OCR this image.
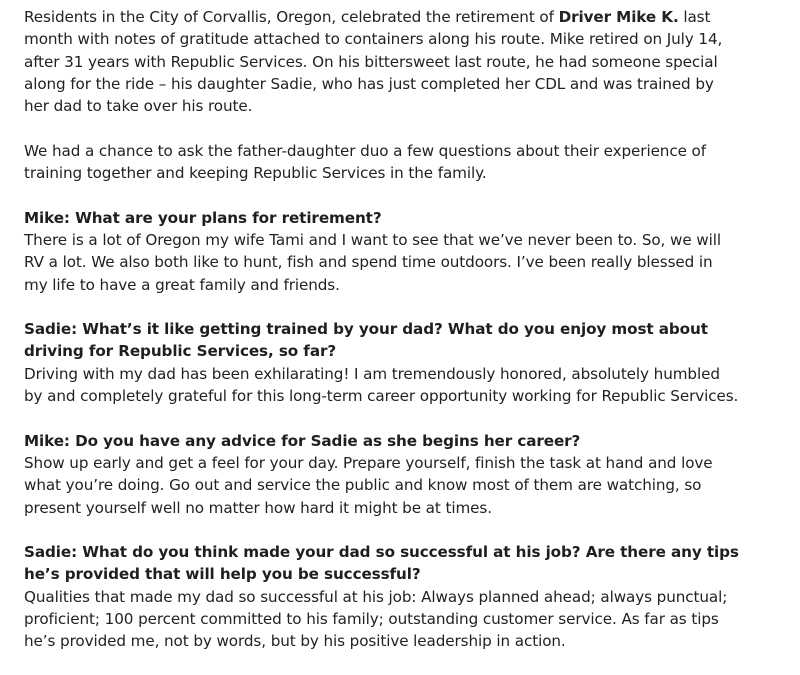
Residents in the City of Corvallis, Oregon, celebrated the retirement of Driver Mike K. last month with notes of gratitude attached to containers along his route. Mike retired on July 14, after 31 years with Republic Services. On his bittersweet last route, he had someone special along for the ride – his daughter Sadie, who has just completed her CDL and was trained by her dad to take over his route.

We had a chance to ask the father-daughter duo a few questions about their experience of training together and keeping Republic Services in the family.

Mike: What are your plans for retirement?
There is a lot of Oregon my wife Tami and I want to see that we’ve never been to. So, we will RV a lot. We also both like to hunt, fish and spend time outdoors. I’ve been really blessed in my life to have a great family and friends.
Sadie: What’s it like getting trained by your dad? What do you enjoy most about driving for Republic Services, so far?
Driving with my dad has been exhilarating! I am tremendously honored, absolutely humbled by and completely grateful for this long-term career opportunity working for Republic Services.
Mike: Do you have any advice for Sadie as she begins her career?
Show up early and get a feel for your day. Prepare yourself, finish the task at hand and love what you’re doing. Go out and service the public and know most of them are watching, so present yourself well no matter how hard it might be at times.
Sadie: What do you think made your dad so successful at his job? Are there any tips he’s provided that will help you be successful?
Qualities that made my dad so successful at his job: Always planned ahead; always punctual; proficient; 100 percent committed to his family; outstanding customer service. As far as tips he’s provided me, not by words, but by his positive leadership in action.
